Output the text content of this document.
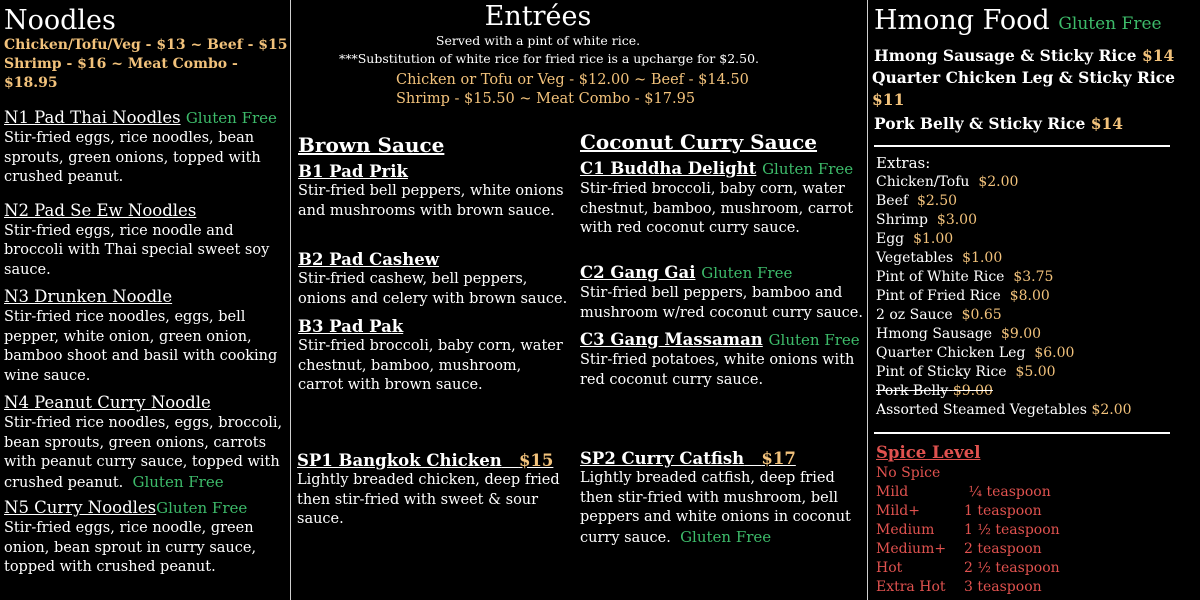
Noodles
Chicken/Tofu/Veg - $13 ~ Beef - $15
Shrimp - $16 ~ Meat Combo - $18.95
N1 Pad Thai Noodles Gluten Free
Stir-fried eggs, rice noodles, bean sprouts, green onions, topped with crushed peanut.
N2 Pad Se Ew Noodles
Stir-fried eggs, rice noodle and broccoli with Thai special sweet soy sauce.
N3 Drunken Noodle
Stir-fried rice noodles, eggs, bell pepper, white onion, green onion, bamboo shoot and basil with cooking wine sauce.
N4 Peanut Curry Noodle
Stir-fried rice noodles, eggs, broccoli, bean sprouts, green onions, carrots with peanut curry sauce, topped with crushed peanut. Gluten Free
N5 Curry NoodlesGluten Free
Stir-fried eggs, rice noodle, green onion, bean sprout in curry sauce, topped with crushed peanut.
Entrées
Served with a pint of white rice.
***Substitution of white rice for fried rice is a upcharge for $2.50.
Chicken or Tofu or Veg - $12.00 ~ Beef - $14.50
Shrimp - $15.50 ~ Meat Combo - $17.95
Brown Sauce
B1 Pad Prik
Stir-fried bell peppers, white onions and mushrooms with brown sauce.
B2 Pad Cashew
Stir-fried cashew, bell peppers, onions and celery with brown sauce.
B3 Pad Pak
Stir-fried broccoli, baby corn, water chestnut, bamboo, mushroom, carrot with brown sauce.
Coconut Curry Sauce
C1 Buddha Delight Gluten Free
Stir-fried broccoli, baby corn, water chestnut, bamboo, mushroom, carrot with red coconut curry sauce.
C2 Gang Gai Gluten Free
Stir-fried bell peppers, bamboo and mushroom w/red coconut curry sauce.
C3 Gang Massaman Gluten Free
Stir-fried potatoes, white onions with red coconut curry sauce.
SP1 Bangkok Chicken $15
Lightly breaded chicken, deep fried then stir-fried with sweet & sour sauce.
SP2 Curry Catfish $17
Lightly breaded catfish, deep fried then stir-fried with mushroom, bell peppers and white onions in coconut curry sauce. Gluten Free
Hmong Food Gluten Free
Hmong Sausage & Sticky Rice $14
Quarter Chicken Leg & Sticky Rice $11
Pork Belly & Sticky Rice $14
Extras:
Chicken/Tofu $2.00
Beef $2.50
Shrimp $3.00
Egg $1.00
Vegetables $1.00
Pint of White Rice $3.75
Pint of Fried Rice $8.00
2 oz Sauce $0.65
Hmong Sausage $9.00
Quarter Chicken Leg $6.00
Pint of Sticky Rice $5.00
Pork Belly $9.00
Assorted Steamed Vegetables $2.00
Spice Level
No Spice
Mild	¼ teaspoon
Mild+	1 teaspoon
Medium 1 ½ teaspoon
Medium+ 2 teaspoon
Hot	2 ½ teaspoon
Extra Hot 3 teaspoon
